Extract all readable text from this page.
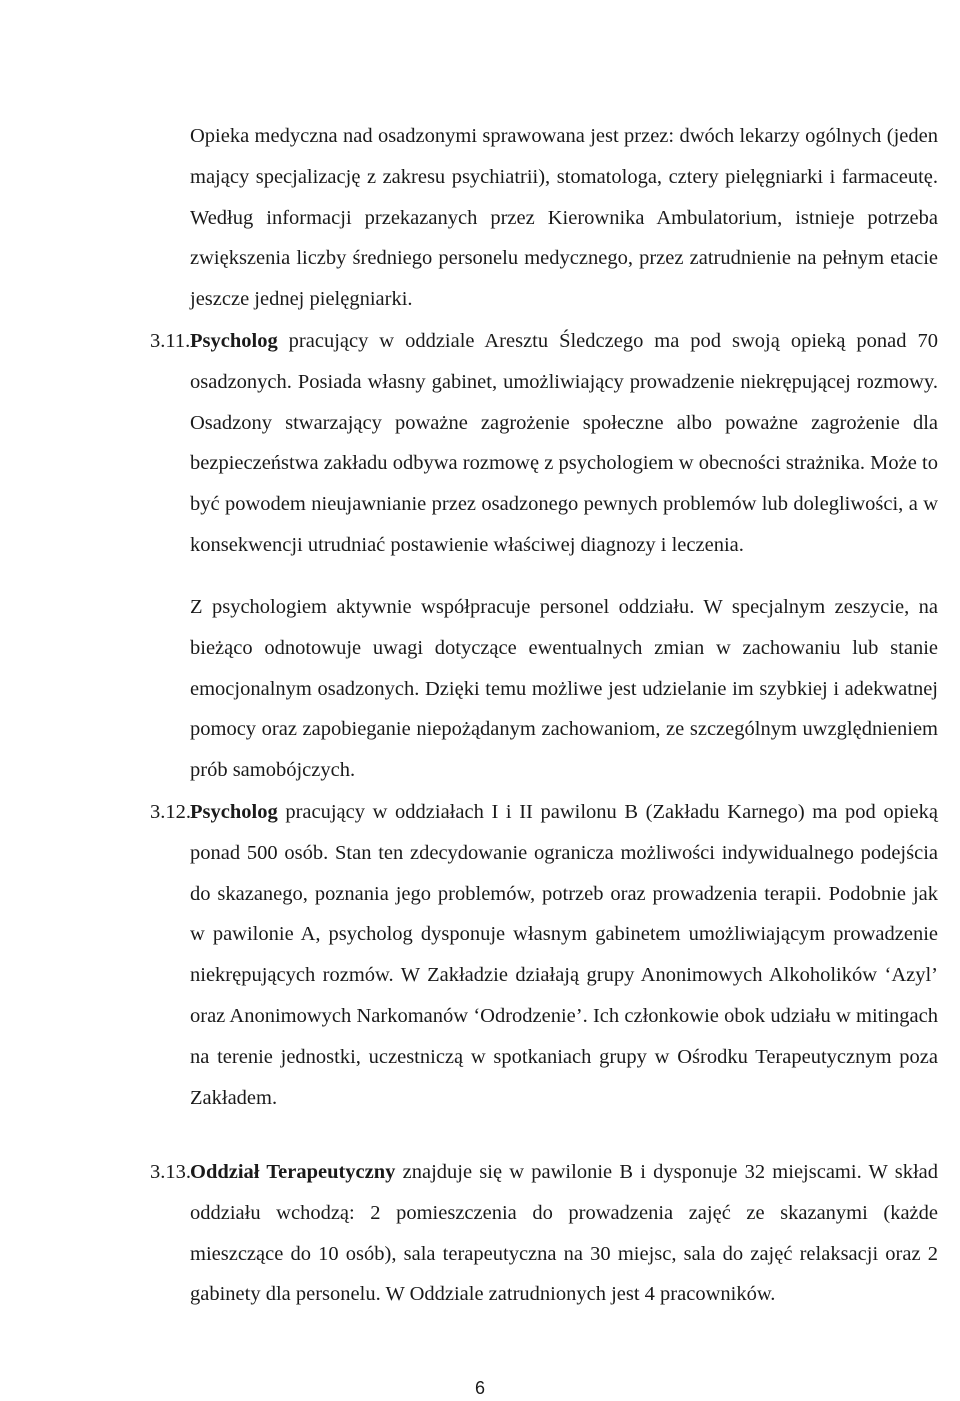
Opieka medyczna nad osadzonymi sprawowana jest przez: dwóch lekarzy ogólnych (jeden mający specjalizację z zakresu psychiatrii), stomatologa, cztery pielęgniarki i farmaceutę. Według informacji przekazanych przez Kierownika Ambulatorium, istnieje potrzeba zwiększenia liczby średniego personelu medycznego, przez zatrudnienie na pełnym etacie jeszcze jednej pielęgniarki.

3.11. Psycholog pracujący w oddziale Aresztu Śledczego ma pod swoją opieką ponad 70 osadzonych. Posiada własny gabinet, umożliwiający prowadzenie niekrępującej rozmowy. Osadzony stwarzający poważne zagrożenie społeczne albo poważne zagrożenie dla bezpieczeństwa zakładu odbywa rozmowę z psychologiem w obecności strażnika. Może to być powodem nieujawnianie przez osadzonego pewnych problemów lub dolegliwości, a w konsekwencji utrudniać postawienie właściwej diagnozy i leczenia.

Z psychologiem aktywnie współpracuje personel oddziału. W specjalnym zeszycie, na bieżąco odnotowuje uwagi dotyczące ewentualnych zmian w zachowaniu lub stanie emocjonalnym osadzonych. Dzięki temu możliwe jest udzielanie im szybkiej i adekwatnej pomocy oraz zapobieganie niepożądanym zachowaniom, ze szczególnym uwzględnieniem prób samobójczych.

3.12. Psycholog pracujący w oddziałach I i II pawilonu B (Zakładu Karnego) ma pod opieką ponad 500 osób. Stan ten zdecydowanie ogranicza możliwości indywidualnego podejścia do skazanego, poznania jego problemów, potrzeb oraz prowadzenia terapii. Podobnie jak w pawilonie A, psycholog dysponuje własnym gabinetem umożliwiającym prowadzenie niekrępujących rozmów. W Zakładzie działają grupy Anonimowych Alkoholików ‘Azyl’ oraz Anonimowych Narkomanów ‘Odrodzenie’. Ich członkowie obok udziału w mitingach na terenie jednostki, uczestniczą w spotkaniach grupy w Ośrodku Terapeutycznym poza Zakładem.

3.13. Oddział Terapeutyczny znajduje się w pawilonie B i dysponuje 32 miejscami. W skład oddziału wchodzą: 2 pomieszczenia do prowadzenia zajęć ze skazanymi (każde mieszczące do 10 osób), sala terapeutyczna na 30 miejsc, sala do zajęć relaksacji oraz 2 gabinety dla personelu. W Oddziale zatrudnionych jest 4 pracowników.

6
